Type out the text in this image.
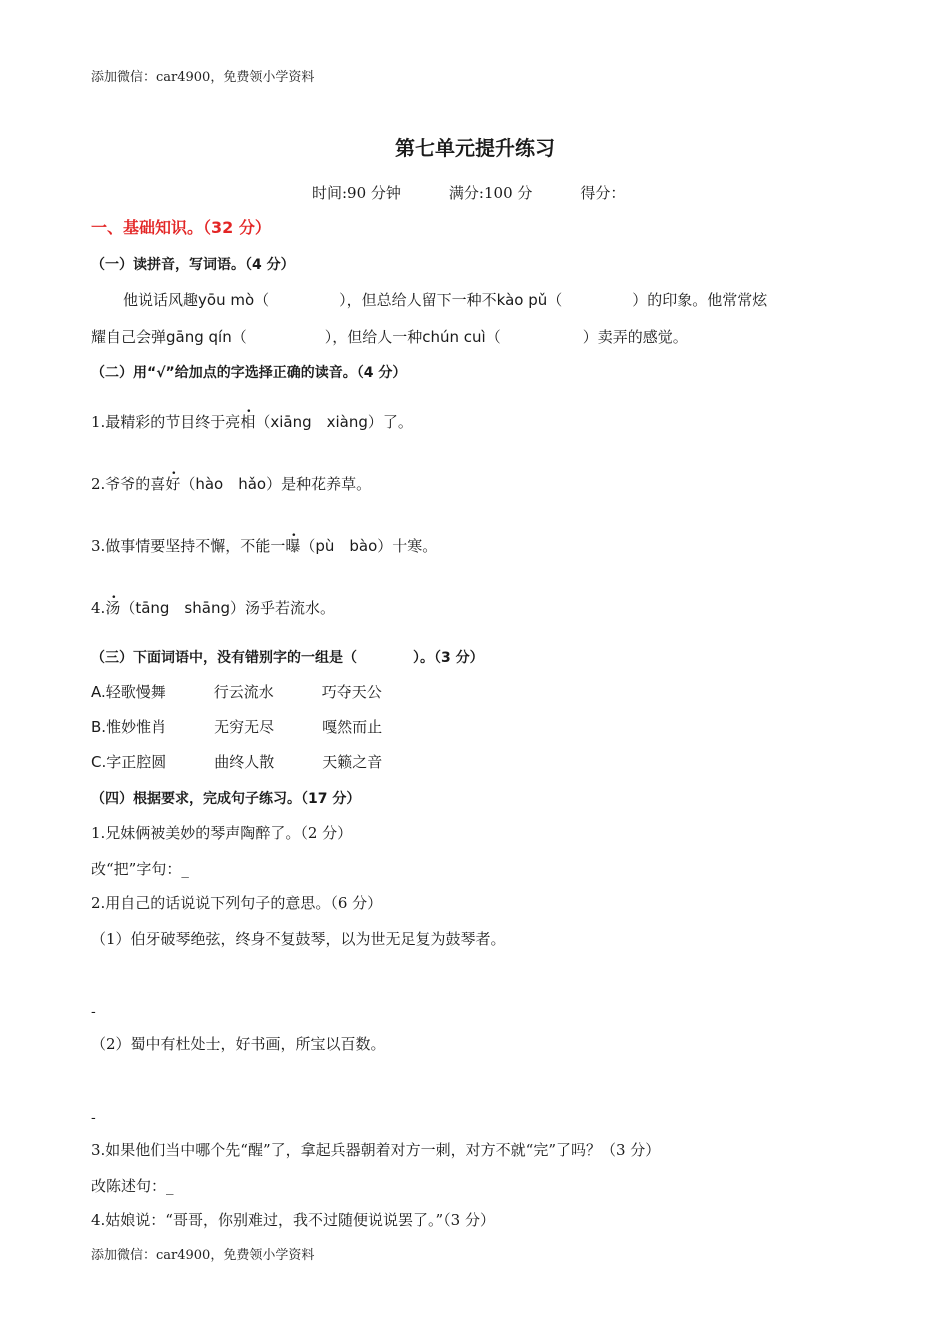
添加微信：car4900，免费领小学资料
第七单元提升练习
时间:90 分钟	满分:100 分	得分：
一、基础知识。（32 分）
（一）读拼音，写词语。（4 分）
他说话风趣yōu mò（	），但总给人留下一种不kào pǔ（	）的印象。他常常炫
耀自己会弹gāng qín（	），但给人一种chún cuì（	）卖弄的感觉。
（二）用“√”给加点的字选择正确的读音。（4 分）
1.最精彩的节目终于亮相（xiāng　xiàng）了。
2.爷爷的喜好（hào　hǎo）是种花养草。
3.做事情要坚持不懈，不能一曝（pù　bào）十寒。
4.汤（tāng　shāng）汤乎若流水。
（三）下面词语中，没有错别字的一组是（　　　　）。（3 分）
A.轻歌慢舞	行云流水	巧夺天公
B.惟妙惟肖	无穷无尽	嘎然而止
C.字正腔圆	曲终人散	天籁之音
（四）根据要求，完成句子练习。（17 分）
1.兄妹俩被美妙的琴声陶醉了。（2 分）
改“把”字句：_
2.用自己的话说说下列句子的意思。（6 分）
（1）伯牙破琴绝弦，终身不复鼓琴，以为世无足复为鼓琴者。
-
（2）蜀中有杜处士，好书画，所宝以百数。
-
3.如果他们当中哪个先“醒”了，拿起兵器朝着对方一刺，对方不就“完”了吗？（3 分）
改陈述句：_
4.姑娘说：“哥哥，你别难过，我不过随便说说罢了。”（3 分）
添加微信：car4900，免费领小学资料
